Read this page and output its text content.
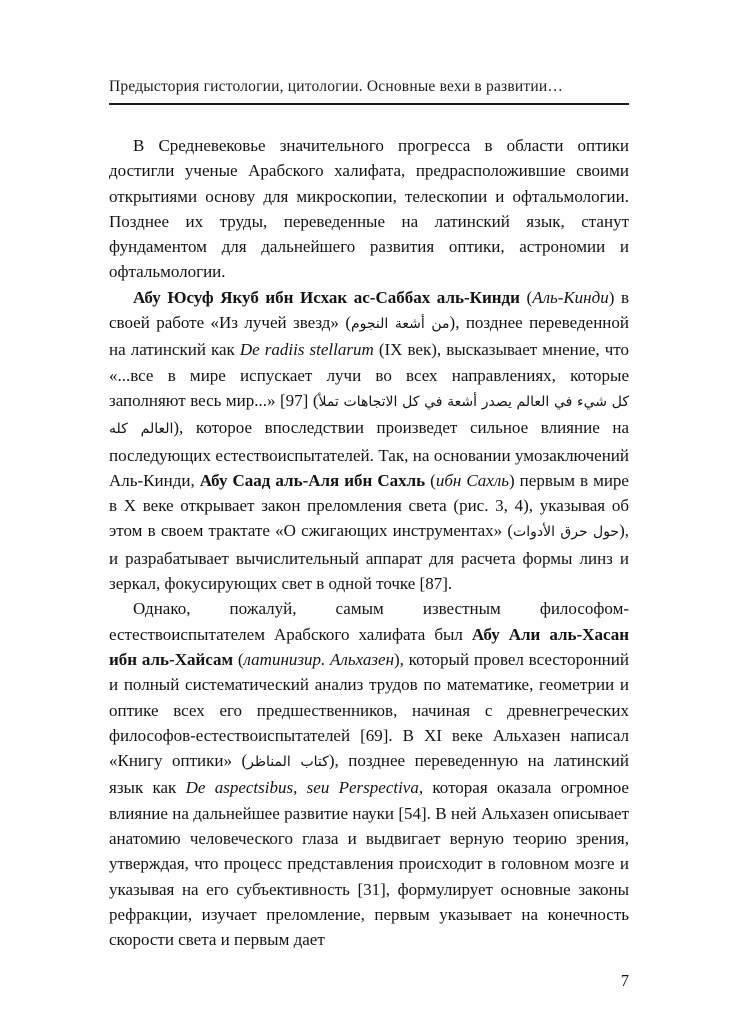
Предыстория гистологии, цитологии. Основные вехи в развитии…

В Средневековье значительного прогресса в области оптики достигли ученые Арабского халифата, предрасположившие своими открытиями основу для микроскопии, телескопии и офтальмологии. Позднее их труды, переведенные на латинский язык, станут фундаментом для дальнейшего развития оптики, астрономии и офтальмологии.

Абу Юсуф Якуб ибн Исхак ас-Саббах аль-Кинди (Аль-Кинди) в своей работе «Из лучей звезд» (من أشعة النجوم), позднее переведенной на латинский как De radiis stellarum (IX век), высказывает мнение, что «...все в мире испускает лучи во всех направлениях, которые заполняют весь мир...» [97] (كل شيء في العالم يصدر أشعة في كل الاتجاهات تملأ العالم كله), которое впоследствии произведет сильное влияние на последующих естествоиспытателей. Так, на основании умозаключений Аль-Кинди, Абу Саад аль-Аля ибн Сахль (ибн Сахль) первым в мире в X веке открывает закон преломления света (рис. 3, 4), указывая об этом в своем трактате «О сжигающих инструментах» (حول حرق الأدوات), и разрабатывает вычислительный аппарат для расчета формы линз и зеркал, фокусирующих свет в одной точке [87].

Однако, пожалуй, самым известным философом-естествоиспытателем Арабского халифата был Абу Али аль-Хасан ибн аль-Хайсам (латинизир. Альхазен), который провел всесторонний и полный систематический анализ трудов по математике, геометрии и оптике всех его предшественников, начиная с древнегреческих философов-естествоиспытателей [69]. В XI веке Альхазен написал «Книгу оптики» (كتاب المناظر), позднее переведенную на латинский язык как De aspectsibus, seu Perspectiva, которая оказала огромное влияние на дальнейшее развитие науки [54]. В ней Альхазен описывает анатомию человеческого глаза и выдвигает верную теорию зрения, утверждая, что процесс представления происходит в головном мозге и указывая на его субъективность [31], формулирует основные законы рефракции, изучает преломление, первым указывает на конечность скорости света и первым дает

7
